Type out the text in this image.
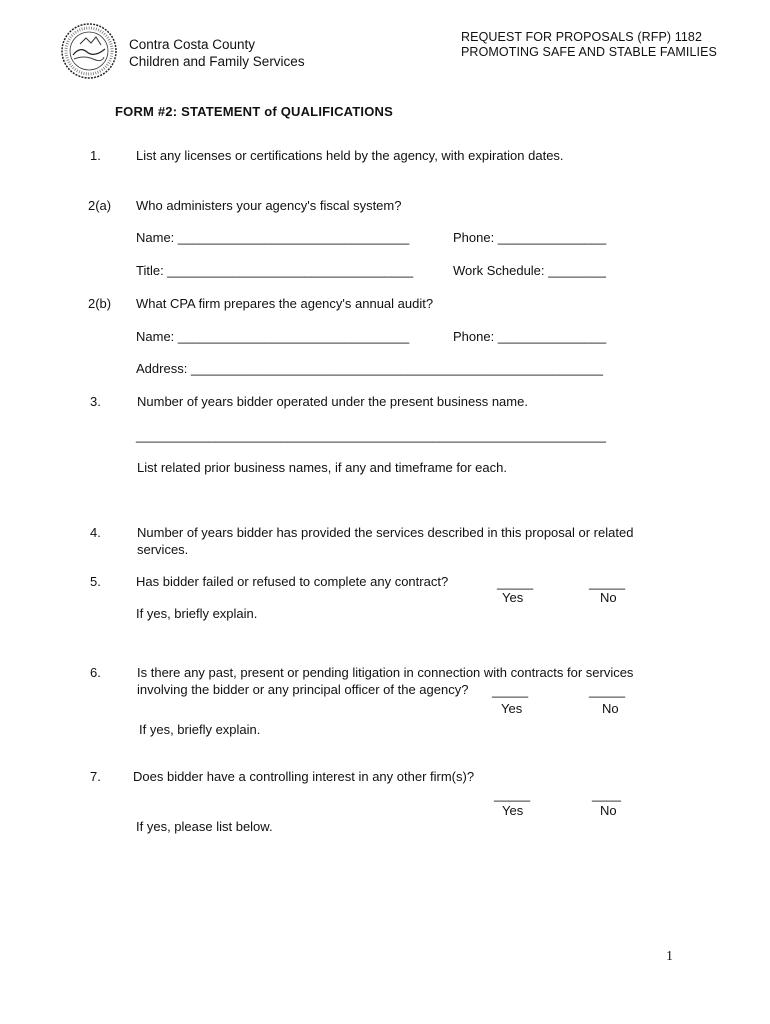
Contra Costa County
Children and Family Services
REQUEST FOR PROPOSALS (RFP) 1182
PROMOTING SAFE AND STABLE FAMILIES
FORM #2: STATEMENT of QUALIFICATIONS
1.	List any licenses or certifications held by the agency, with expiration dates.
2(a) Who administers your agency's fiscal system?
Name: ________________________________	Phone: _______________
Title: __________________________________	Work Schedule: ________
2(b) What CPA firm prepares the agency's annual audit?
Name: ________________________________	Phone: _______________
Address: _________________________________________________________
3.	Number of years bidder operated under the present business name.
_________________________________________________________________
List related prior business names, if any and timeframe for each.
4.	Number of years bidder has provided the services described in this proposal or related
services.
5.	Has bidder failed or refused to complete any contract?	_____	_____
Yes	No
If yes, briefly explain.
6.	Is there any past, present or pending litigation in connection with contracts for services
involving the bidder or any principal officer of the agency? _____	_____
Yes	No
If yes, briefly explain.
7. Does bidder have a controlling interest in any other firm(s)?
_____	____
Yes	No
If yes, please list below.
1
